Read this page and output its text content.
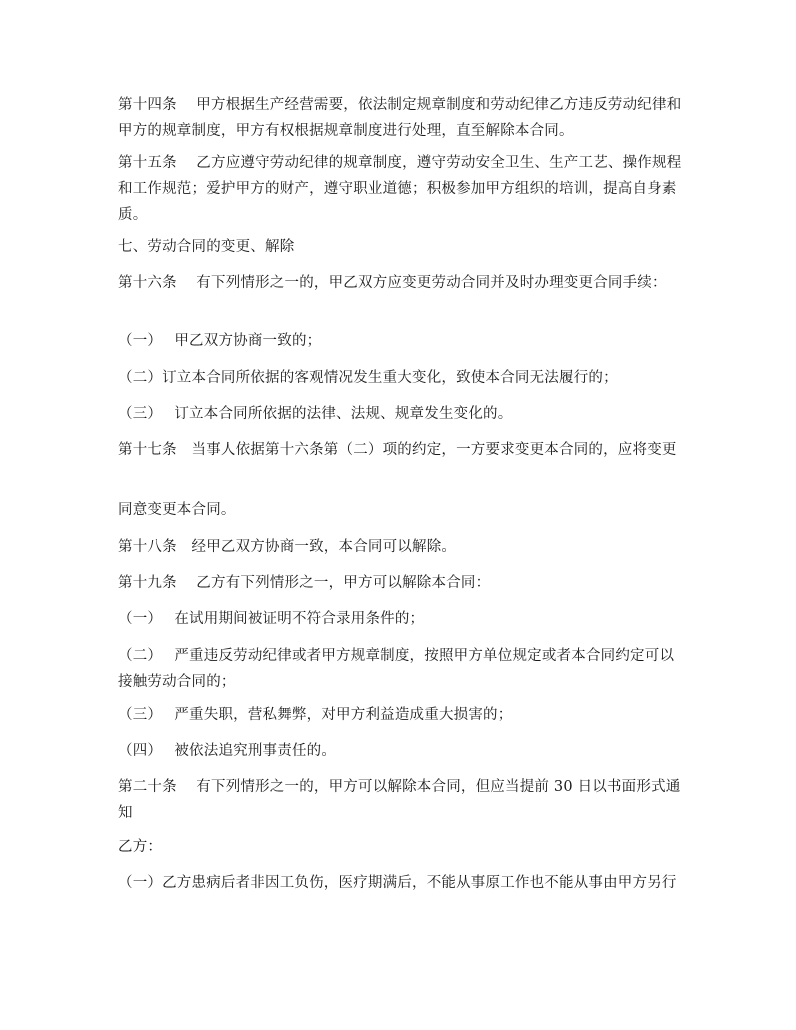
第十四条　 甲方根据生产经营需要，依法制定规章制度和劳动纪律乙方违反劳动纪律和甲方的规章制度，甲方有权根据规章制度进行处理，直至解除本合同。

第十五条　 乙方应遵守劳动纪律的规章制度，遵守劳动安全卫生、生产工艺、操作规程和工作规范；爱护甲方的财产，遵守职业道德；积极参加甲方组织的培训，提高自身素质。

七、劳动合同的变更、解除

第十六条　 有下列情形之一的，甲乙双方应变更劳动合同并及时办理变更合同手续：

（一）　 甲乙双方协商一致的；

（二）订立本合同所依据的客观情况发生重大变化，致使本合同无法履行的；

（三）　 订立本合同所依据的法律、法规、规章发生变化的。

第十七条　当事人依据第十六条第（二）项的约定，一方要求变更本合同的，应将变更

同意变更本合同。

第十八条　经甲乙双方协商一致，本合同可以解除。

第十九条　 乙方有下列情形之一，甲方可以解除本合同：

（一）　 在试用期间被证明不符合录用条件的；

（二）　 严重违反劳动纪律或者甲方规章制度，按照甲方单位规定或者本合同约定可以接触劳动合同的；

（三）　 严重失职，营私舞弊，对甲方利益造成重大损害的；

（四）　 被依法追究刑事责任的。

第二十条　 有下列情形之一的，甲方可以解除本合同，但应当提前 30 日以书面形式通知

乙方：

（一）乙方患病后者非因工负伤，医疗期满后，不能从事原工作也不能从事由甲方另行
